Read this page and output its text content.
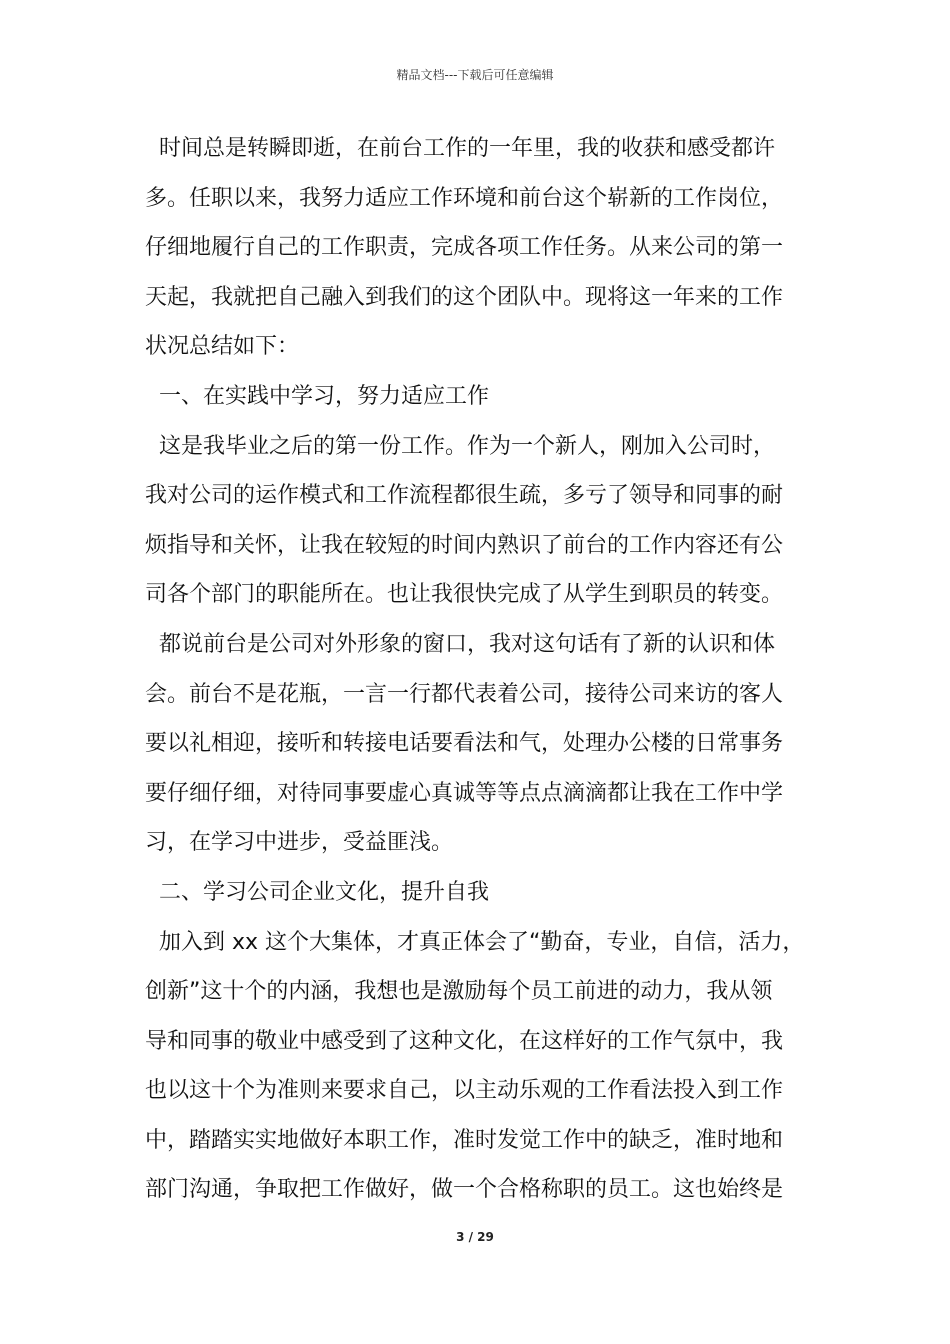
精品文档---下载后可任意编辑
时间总是转瞬即逝，在前台工作的一年里，我的收获和感受都许
多。任职以来，我努力适应工作环境和前台这个崭新的工作岗位，
仔细地履行自己的工作职责，完成各项工作任务。从来公司的第一
天起，我就把自己融入到我们的这个团队中。现将这一年来的工作
状况总结如下：
一、在实践中学习，努力适应工作
这是我毕业之后的第一份工作。作为一个新人，刚加入公司时，
我对公司的运作模式和工作流程都很生疏，多亏了领导和同事的耐
烦指导和关怀，让我在较短的时间内熟识了前台的工作内容还有公
司各个部门的职能所在。也让我很快完成了从学生到职员的转变。
都说前台是公司对外形象的窗口，我对这句话有了新的认识和体
会。前台不是花瓶，一言一行都代表着公司，接待公司来访的客人
要以礼相迎，接听和转接电话要看法和气，处理办公楼的日常事务
要仔细仔细，对待同事要虚心真诚等等点点滴滴都让我在工作中学
习，在学习中进步，受益匪浅。
二、学习公司企业文化，提升自我
加入到 xx 这个大集体，才真正体会了“勤奋，专业，自信，活力，
创新”这十个的内涵，我想也是激励每个员工前进的动力，我从领
导和同事的敬业中感受到了这种文化，在这样好的工作气氛中，我
也以这十个为准则来要求自己，以主动乐观的工作看法投入到工作
中，踏踏实实地做好本职工作，准时发觉工作中的缺乏，准时地和
部门沟通，争取把工作做好，做一个合格称职的员工。这也始终是
3 / 29
